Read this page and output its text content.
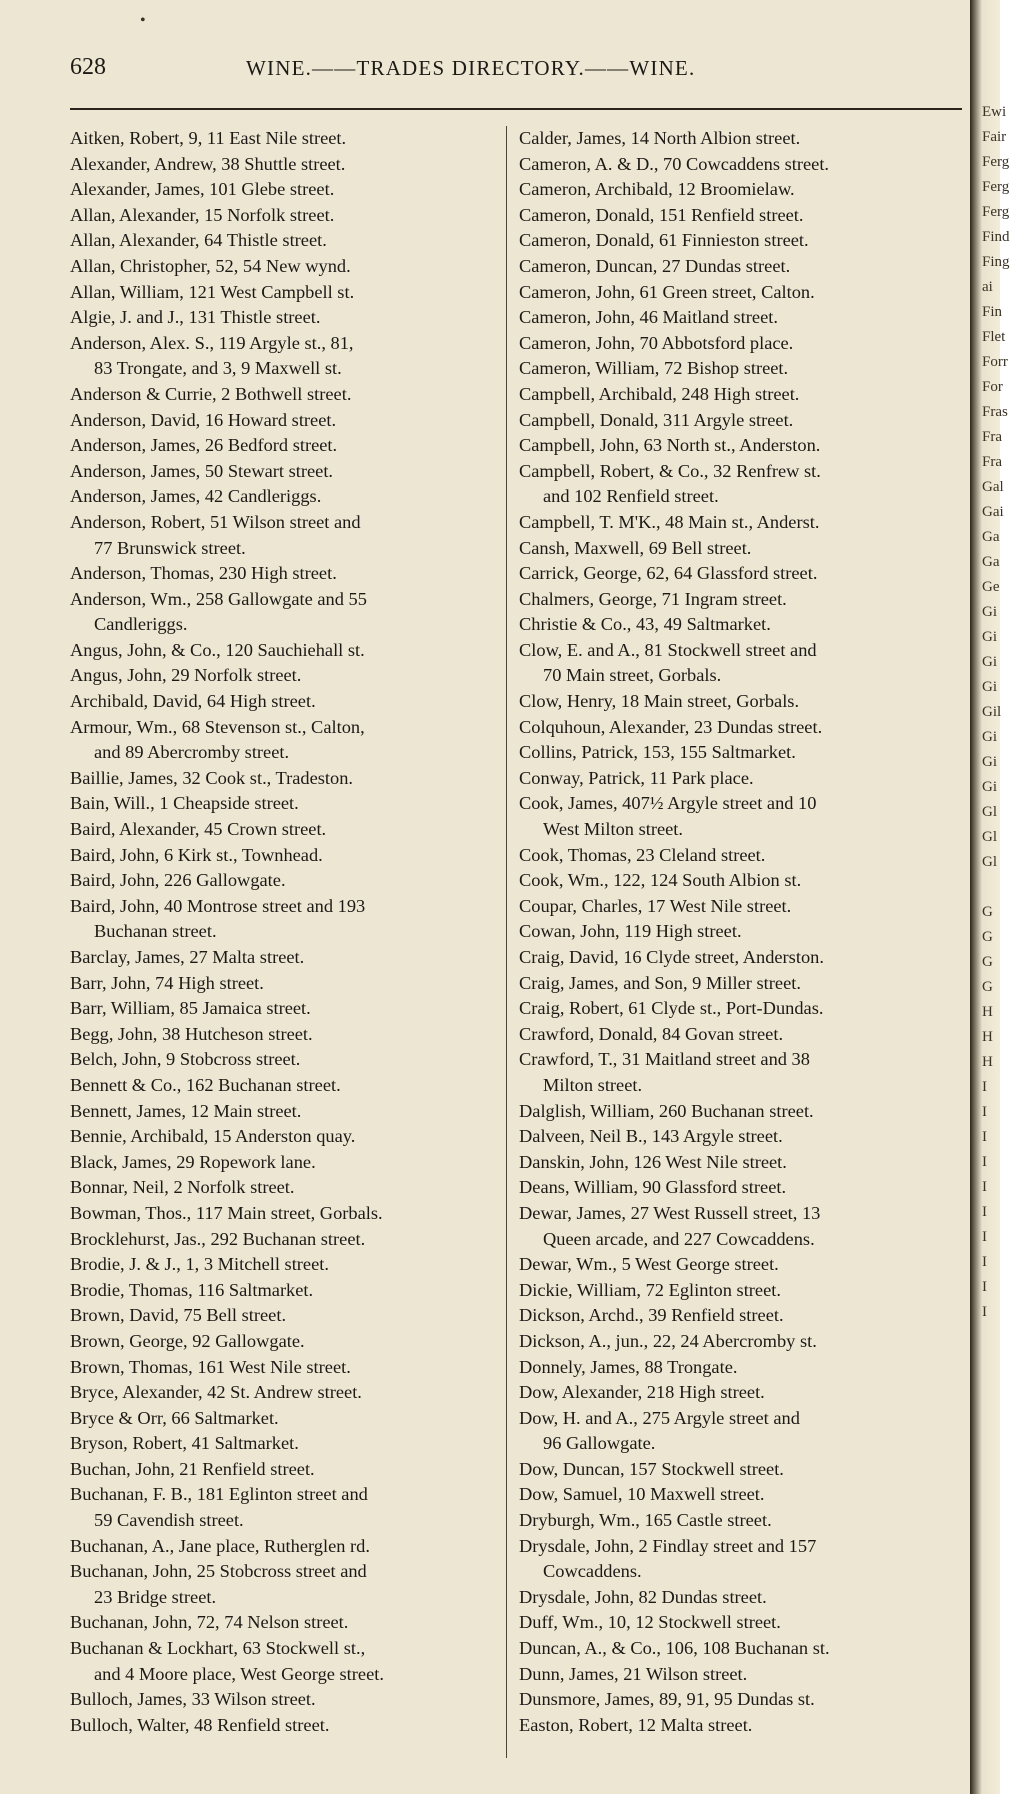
•
628	WINE.——TRADES DIRECTORY.——WINE.
Aitken, Robert, 9, 11 East Nile street.
Alexander, Andrew, 38 Shuttle street.
Alexander, James, 101 Glebe street.
Allan, Alexander, 15 Norfolk street.
Allan, Alexander, 64 Thistle street.
Allan, Christopher, 52, 54 New wynd.
Allan, William, 121 West Campbell st.
Algie, J. and J., 131 Thistle street.
Anderson, Alex. S., 119 Argyle st., 81,
83 Trongate, and 3, 9 Maxwell st.
Anderson & Currie, 2 Bothwell street.
Anderson, David, 16 Howard street.
Anderson, James, 26 Bedford street.
Anderson, James, 50 Stewart street.
Anderson, James, 42 Candleriggs.
Anderson, Robert, 51 Wilson street and
77 Brunswick street.
Anderson, Thomas, 230 High street.
Anderson, Wm., 258 Gallowgate and 55
Candleriggs.
Angus, John, & Co., 120 Sauchiehall st.
Angus, John, 29 Norfolk street.
Archibald, David, 64 High street.
Armour, Wm., 68 Stevenson st., Calton,
and 89 Abercromby street.
Baillie, James, 32 Cook st., Tradeston.
Bain, Will., 1 Cheapside street.
Baird, Alexander, 45 Crown street.
Baird, John, 6 Kirk st., Townhead.
Baird, John, 226 Gallowgate.
Baird, John, 40 Montrose street and 193
Buchanan street.
Barclay, James, 27 Malta street.
Barr, John, 74 High street.
Barr, William, 85 Jamaica street.
Begg, John, 38 Hutcheson street.
Belch, John, 9 Stobcross street.
Bennett & Co., 162 Buchanan street.
Bennett, James, 12 Main street.
Bennie, Archibald, 15 Anderston quay.
Black, James, 29 Ropework lane.
Bonnar, Neil, 2 Norfolk street.
Bowman, Thos., 117 Main street, Gorbals.
Brocklehurst, Jas., 292 Buchanan street.
Brodie, J. & J., 1, 3 Mitchell street.
Brodie, Thomas, 116 Saltmarket.
Brown, David, 75 Bell street.
Brown, George, 92 Gallowgate.
Brown, Thomas, 161 West Nile street.
Bryce, Alexander, 42 St. Andrew street.
Bryce & Orr, 66 Saltmarket.
Bryson, Robert, 41 Saltmarket.
Buchan, John, 21 Renfield street.
Buchanan, F. B., 181 Eglinton street and
59 Cavendish street.
Buchanan, A., Jane place, Rutherglen rd.
Buchanan, John, 25 Stobcross street and
23 Bridge street.
Buchanan, John, 72, 74 Nelson street.
Buchanan & Lockhart, 63 Stockwell st.,
and 4 Moore place, West George street.
Bulloch, James, 33 Wilson street.
Bulloch, Walter, 48 Renfield street.
Calder, James, 14 North Albion street.
Cameron, A. & D., 70 Cowcaddens street.
Cameron, Archibald, 12 Broomielaw.
Cameron, Donald, 151 Renfield street.
Cameron, Donald, 61 Finnieston street.
Cameron, Duncan, 27 Dundas street.
Cameron, John, 61 Green street, Calton.
Cameron, John, 46 Maitland street.
Cameron, John, 70 Abbotsford place.
Cameron, William, 72 Bishop street.
Campbell, Archibald, 248 High street.
Campbell, Donald, 311 Argyle street.
Campbell, John, 63 North st., Anderston.
Campbell, Robert, & Co., 32 Renfrew st.
and 102 Renfield street.
Campbell, T. M'K., 48 Main st., Anderst.
Cansh, Maxwell, 69 Bell street.
Carrick, George, 62, 64 Glassford street.
Chalmers, George, 71 Ingram street.
Christie & Co., 43, 49 Saltmarket.
Clow, E. and A., 81 Stockwell street and
70 Main street, Gorbals.
Clow, Henry, 18 Main street, Gorbals.
Colquhoun, Alexander, 23 Dundas street.
Collins, Patrick, 153, 155 Saltmarket.
Conway, Patrick, 11 Park place.
Cook, James, 407½ Argyle street and 10
West Milton street.
Cook, Thomas, 23 Cleland street.
Cook, Wm., 122, 124 South Albion st.
Coupar, Charles, 17 West Nile street.
Cowan, John, 119 High street.
Craig, David, 16 Clyde street, Anderston.
Craig, James, and Son, 9 Miller street.
Craig, Robert, 61 Clyde st., Port-Dundas.
Crawford, Donald, 84 Govan street.
Crawford, T., 31 Maitland street and 38
Milton street.
Dalglish, William, 260 Buchanan street.
Dalveen, Neil B., 143 Argyle street.
Danskin, John, 126 West Nile street.
Deans, William, 90 Glassford street.
Dewar, James, 27 West Russell street, 13
Queen arcade, and 227 Cowcaddens.
Dewar, Wm., 5 West George street.
Dickie, William, 72 Eglinton street.
Dickson, Archd., 39 Renfield street.
Dickson, A., jun., 22, 24 Abercromby st.
Donnely, James, 88 Trongate.
Dow, Alexander, 218 High street.
Dow, H. and A., 275 Argyle street and
96 Gallowgate.
Dow, Duncan, 157 Stockwell street.
Dow, Samuel, 10 Maxwell street.
Dryburgh, Wm., 165 Castle street.
Drysdale, John, 2 Findlay street and 157
Cowcaddens.
Drysdale, John, 82 Dundas street.
Duff, Wm., 10, 12 Stockwell street.
Duncan, A., & Co., 106, 108 Buchanan st.
Dunn, James, 21 Wilson street.
Dunsmore, James, 89, 91, 95 Dundas st.
Easton, Robert, 12 Malta street.
Ewi
Fair
Ferg
Ferg
Ferg
Find
Fing
ai
Fin
Flet
Forr
For
Fras
Fra
Fra
Gal
Gai
Ga
Ga
Ge
Gi
Gi
Gi
Gi
Gil
Gi
Gi
Gi
Gl
Gl
Gl
G
G
G
G
H
H
H
I
I
I
I
I
I
I
I
I
I
